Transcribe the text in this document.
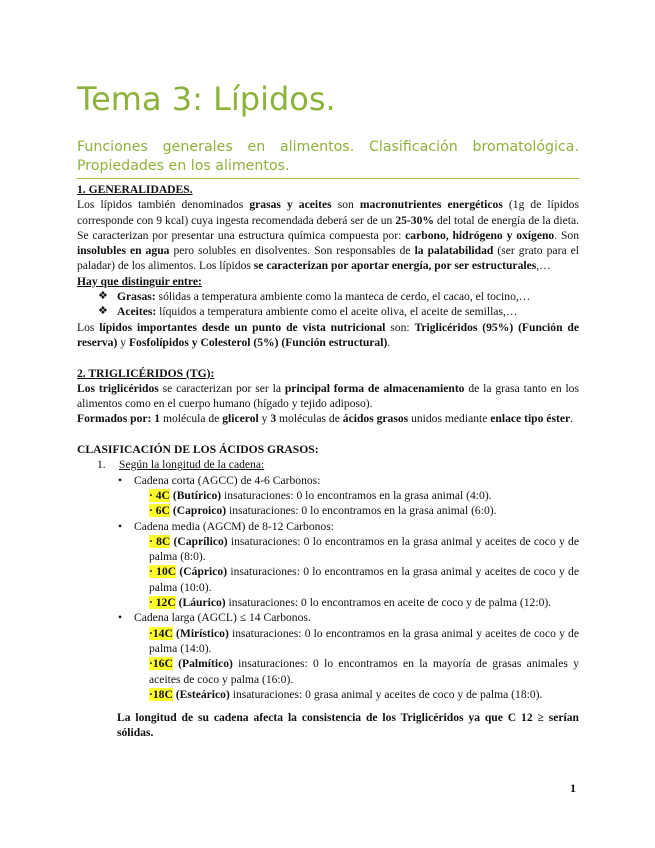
Tema 3: Lípidos.

Funciones generales en alimentos. Clasificación bromatológica. Propiedades en los alimentos.

1. GENERALIDADES.

Los lípidos también denominados grasas y aceites son macronutrientes energéticos (1g de lípidos corresponde con 9 kcal) cuya ingesta recomendada deberá ser de un 25-30% del total de energía de la dieta. Se caracterizan por presentar una estructura química compuesta por: carbono, hidrógeno y oxígeno. Son insolubles en agua pero solubles en disolventes. Son responsables de la palatabilidad (ser grato para el paladar) de los alimentos. Los lípidos se caracterizan por aportar energía, por ser estructurales,…

Hay que distinguir entre:

❖ Grasas: sólidas a temperatura ambiente como la manteca de cerdo, el cacao, el tocino,…

❖ Aceites: líquidos a temperatura ambiente como el aceite oliva, el aceite de semillas,…

Los lípidos importantes desde un punto de vista nutricional son: Triglicéridos (95%) (Función de reserva) y Fosfolípidos y Colesterol (5%) (Función estructural).

2. TRIGLICÉRIDOS (TG):

Los triglicéridos se caracterizan por ser la principal forma de almacenamiento de la grasa tanto en los alimentos como en el cuerpo humano (hígado y tejido adiposo).

Formados por: 1 molécula de glicerol y 3 moléculas de ácidos grasos unidos mediante enlace tipo éster.

CLASIFICACIÓN DE LOS ÁCIDOS GRASOS:

1. Según la longitud de la cadena:

• Cadena corta (AGCC) de 4-6 Carbonos:

· 4C (Butírico) insaturaciones: 0 lo encontramos en la grasa animal (4:0).

· 6C (Caproico) insaturaciones: 0 lo encontramos en la grasa animal (6:0).

• Cadena media (AGCM) de 8-12 Carbonos:

· 8C (Caprílico) insaturaciones: 0 lo encontramos en la grasa animal y aceites de coco y de palma (8:0).

· 10C (Cáprico) insaturaciones: 0 lo encontramos en la grasa animal y aceites de coco y de palma (10:0).

· 12C (Láurico) insaturaciones: 0 lo encontramos en aceite de coco y de palma (12:0).

• Cadena larga (AGCL) ≤ 14 Carbonos.

·14C (Mirístico) insaturaciones: 0 lo encontramos en la grasa animal y aceites de coco y de palma (14:0).

·16C (Palmítico) insaturaciones: 0 lo encontramos en la mayoría de grasas animales y aceites de coco y palma (16:0).

·18C (Esteárico) insaturaciones: 0 grasa animal y aceites de coco y de palma (18:0).

La longitud de su cadena afecta la consistencia de los Triglicéridos ya que C 12 ≥ serían sólidas.

1
